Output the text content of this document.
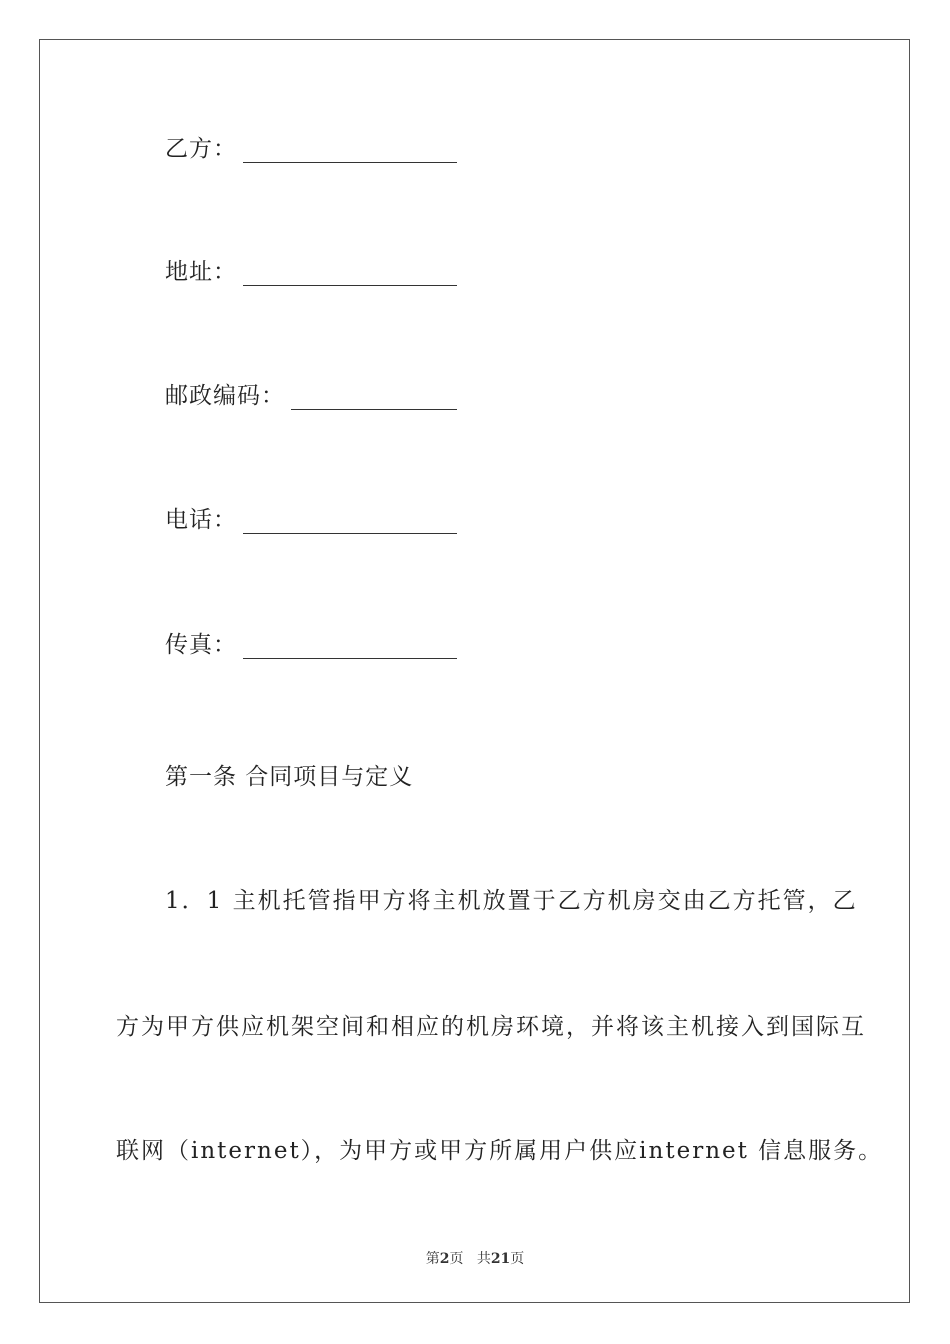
乙方：
地址：
邮政编码：
电话：
传真：
第一条 合同项目与定义
1．1 主机托管指甲方将主机放置于乙方机房交由乙方托管，乙
方为甲方供应机架空间和相应的机房环境，并将该主机接入到国际互
联网（internet），为甲方或甲方所属用户供应internet 信息服务。
第2页 共21页
